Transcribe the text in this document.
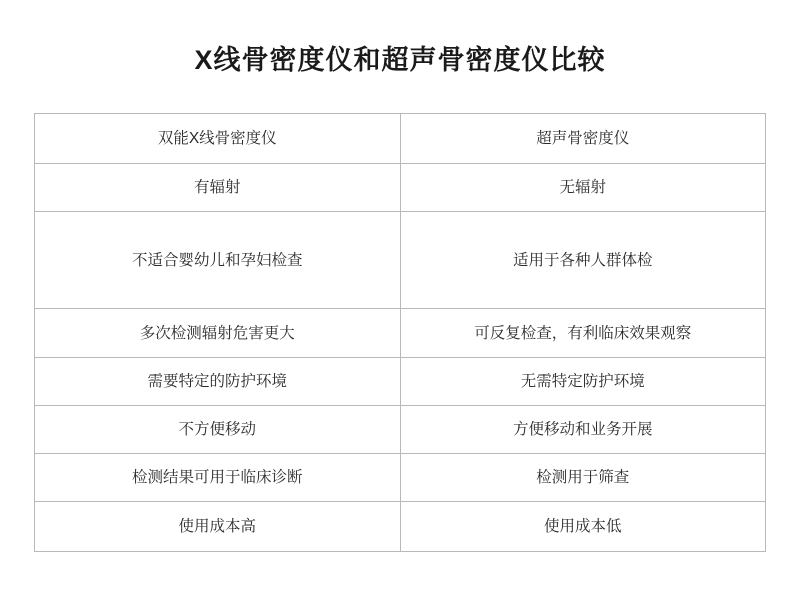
X线骨密度仪和超声骨密度仪比较
双能X线骨密度仪	超声骨密度仪
有辐射	无辐射
不适合婴幼儿和孕妇检查	适用于各种人群体检
多次检测辐射危害更大	可反复检查，有利临床效果观察
需要特定的防护环境	无需特定防护环境
不方便移动	方便移动和业务开展
检测结果可用于临床诊断	检测用于筛查
使用成本高	使用成本低
